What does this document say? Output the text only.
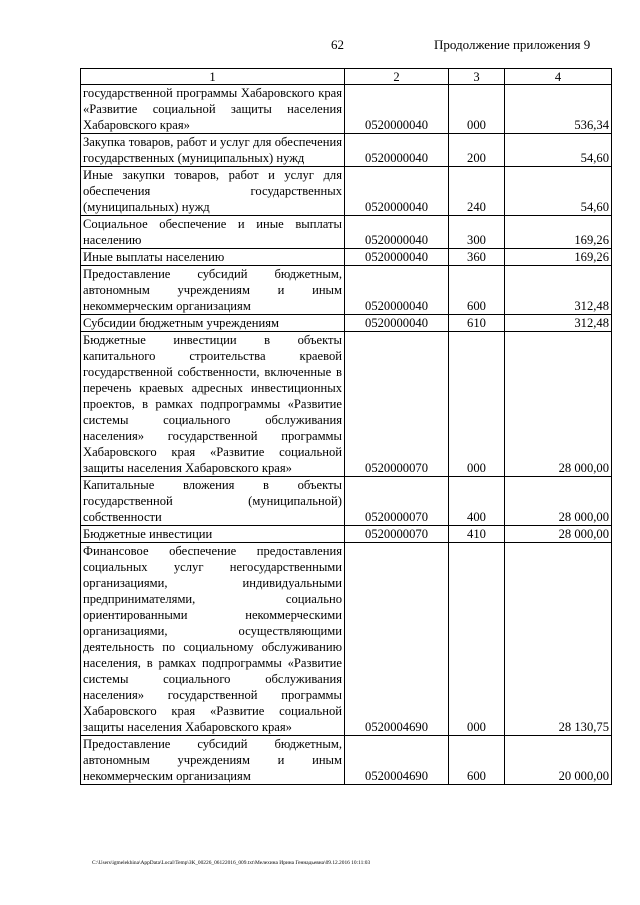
62	Продолжение приложения 9
1	2	3	4
государственной программы Хабаровского края «Развитие социальной защиты населения Хабаровского края»	0520000040	000	536,34
Закупка товаров, работ и услуг для обеспечения государственных (муниципальных) нужд	0520000040	200	54,60
Иные закупки товаров, работ и услуг для обеспечения государственных (муниципальных) нужд	0520000040	240	54,60
Социальное обеспечение и иные выплаты населению	0520000040	300	169,26
Иные выплаты населению	0520000040	360	169,26
Предоставление субсидий бюджетным, автономным учреждениям и иным некоммерческим организациям	0520000040	600	312,48
Субсидии бюджетным учреждениям	0520000040	610	312,48
Бюджетные инвестиции в объекты капитального строительства краевой государственной собственности, включенные в перечень краевых адресных инвестиционных проектов, в рамках подпрограммы «Развитие системы социального обслуживания населения» государственной программы Хабаровского края «Развитие социальной защиты населения Хабаровского края»	0520000070	000	28 000,00
Капитальные вложения в объекты государственной (муниципальной) собственности	0520000070	400	28 000,00
Бюджетные инвестиции	0520000070	410	28 000,00
Финансовое обеспечение предоставления социальных услуг негосударственными организациями, индивидуальными предпринимателями, социально ориентированными некоммерческими организациями, осуществляющими деятельность по социальному обслуживанию населения, в рамках подпрограммы «Развитие системы социального обслуживания населения» государственной программы Хабаровского края «Развитие социальной защиты населения Хабаровского края»	0520004690	000	28 130,75
Предоставление субсидий бюджетным, автономным учреждениям и иным некоммерческим организациям	0520004690	600	20 000,00
C:\Users\igmelekhina\AppData\Local\Temp\ЗК_00226_06122016_009.txt\Мелехина Ирина Геннадьевна\09.12.2016 10:11:03
